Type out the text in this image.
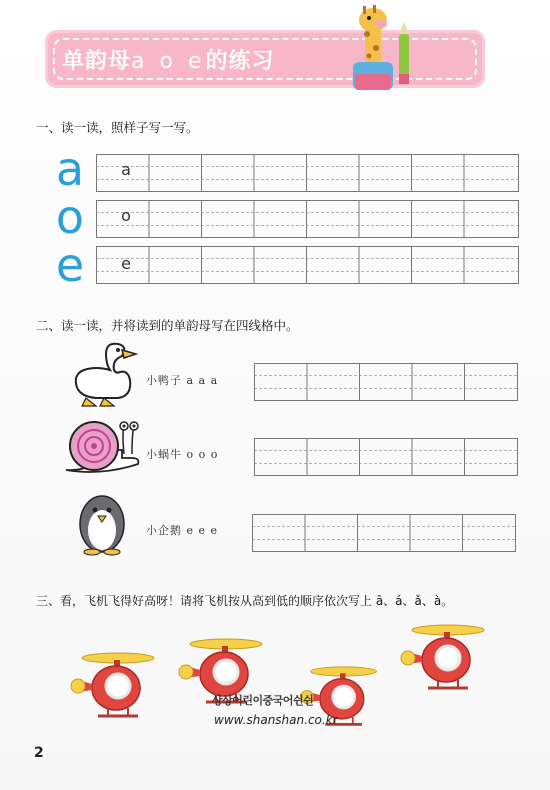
单韵母a o e的练习
一、读一读，照样子写一写。
a
o
e
a
o
e
二、读一读，并将读到的单韵母写在四线格中。
小鸭子 a a a
小蜗牛 o o o
小企鹅 e e e
三、看，飞机飞得好高呀！请将飞机按从高到低的顺序依次写上 ā、á、ǎ、à。
상상어린이중국어쉰쉰
www.shanshan.co.kr
2
